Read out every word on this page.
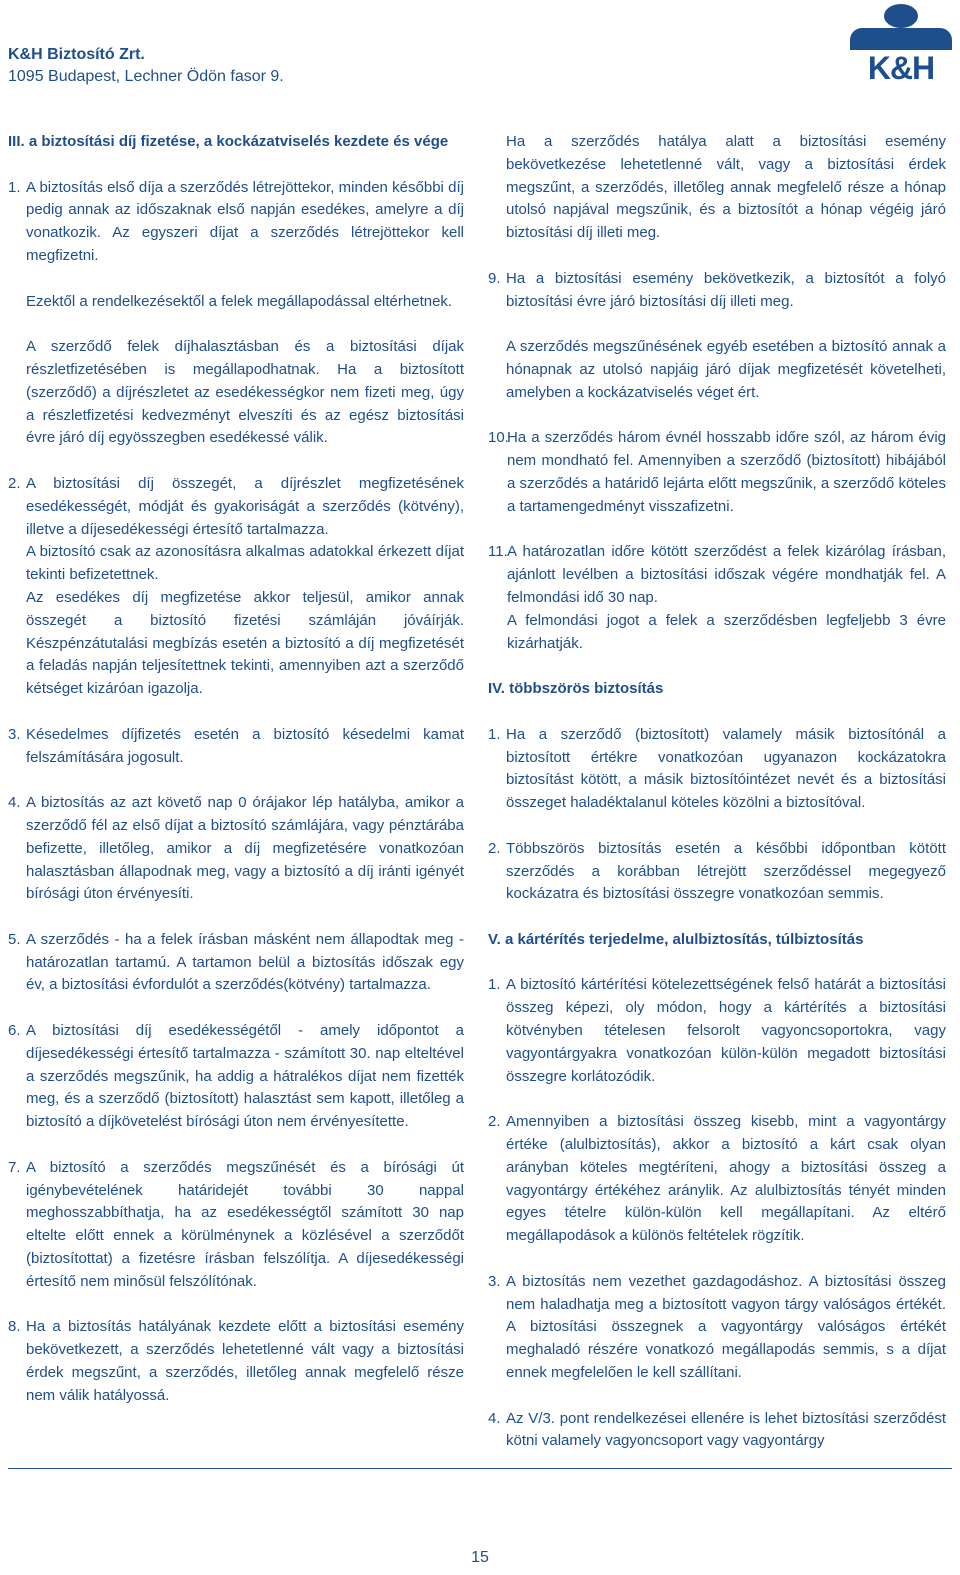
K&H Biztosító Zrt.
1095 Budapest, Lechner Ödön fasor 9.	K&H
III. a biztosítási díj fizetése, a kockázatviselés kezdete és vége
1. A biztosítás első díja a szerződés létrejöttekor, minden későbbi díj pedig annak az időszaknak első napján esedékes, amelyre a díj vonatkozik. Az egyszeri díjat a szerződés létrejöttekor kell megfizetni.

Ezektől a rendelkezésektől a felek megállapodással eltérhetnek.

A szerződő felek díjhalasztásban és a biztosítási díjak részletfizetésében is megállapodhatnak. Ha a biztosított (szerződő) a díjrészletet az esedékességkor nem fizeti meg, úgy a részletfizetési kedvezményt elveszíti és az egész biztosítási évre járó díj egyösszegben esedékessé válik.

2. A biztosítási díj összegét, a díjrészlet megfizetésének esedékességét, módját és gyakoriságát a szerződés (kötvény), illetve a díjesedékességi értesítő tartalmazza.

A biztosító csak az azonosításra alkalmas adatokkal érkezett díjat tekinti befizetettnek.

Az esedékes díj megfizetése akkor teljesül, amikor annak összegét a biztosító fizetési számláján jóváírják. Készpénzátutalási megbízás esetén a biztosító a díj megfizetését a feladás napján teljesítettnek tekinti, amennyiben azt a szerződő kétséget kizáróan igazolja.

3. Késedelmes díjfizetés esetén a biztosító késedelmi kamat felszámítására jogosult.

4. A biztosítás az azt követő nap 0 órájakor lép hatályba, amikor a szerződő fél az első díjat a biztosító számlájára, vagy pénztárába befizette, illetőleg, amikor a díj megfizetésére vonatkozóan halasztásban állapodnak meg, vagy a biztosító a díj iránti igényét bírósági úton érvényesíti.

5. A szerződés - ha a felek írásban másként nem állapodtak meg - határozatlan tartamú. A tartamon belül a biztosítás időszak egy év, a biztosítási évfordulót a szerződés(kötvény) tartalmazza.

6. A biztosítási díj esedékességétől - amely időpontot a díjesedékességi értesítő tartalmazza - számított 30. nap elteltével a szerződés megszűnik, ha addig a hátralékos díjat nem fizették meg, és a szerződő (biztosított) halasztást sem kapott, illetőleg a biztosító a díjkövetelést bírósági úton nem érvényesítette.

7. A biztosító a szerződés megszűnését és a bírósági út igénybevételének határidejét további 30 nappal meghosszabbíthatja, ha az esedékességtől számított 30 nap eltelte előtt ennek a körülménynek a közlésével a szerződőt (biztosítottat) a fizetésre írásban felszólítja. A díjesedékességi értesítő nem minősül felszólítónak.

8. Ha a biztosítás hatályának kezdete előtt a biztosítási esemény bekövetkezett, a szerződés lehetetlenné vált vagy a biztosítási érdek megszűnt, a szerződés, illetőleg annak megfelelő része nem válik hatályossá.

Ha a szerződés hatálya alatt a biztosítási esemény bekövetkezése lehetetlenné vált, vagy a biztosítási érdek megszűnt, a szerződés, illetőleg annak megfelelő része a hónap utolsó napjával megszűnik, és a biztosítót a hónap végéig járó biztosítási díj illeti meg.
9. Ha a biztosítási esemény bekövetkezik, a biztosítót a folyó biztosítási évre járó biztosítási díj illeti meg.

A szerződés megszűnésének egyéb esetében a biztosító annak a hónapnak az utolsó napjáig járó díjak megfizetését követelheti, amelyben a kockázatviselés véget ért.

10.

Ha a szerződés három évnél hosszabb időre szól, az három évig nem mondható fel. Amennyiben a szerződő (biztosított) hibájából a szerződés a határidő lejárta előtt megszűnik, a szerződő köteles a tartamengedményt visszafizetni.

11. A határozatlan időre kötött szerződést a felek kizárólag írásban, ajánlott levélben a biztosítási időszak végére mondhatják fel. A felmondási idő 30 nap.

A felmondási jogot a felek a szerződésben legfeljebb 3 évre kizárhatják.

IV. többszörös biztosítás
1. Ha a szerződő (biztosított) valamely másik biztosítónál a biztosított értékre vonatkozóan ugyanazon kockázatokra biztosítást kötött, a másik biztosítóintézet nevét és a biztosítási összeget haladéktalanul köteles közölni a biztosítóval.

2. Többszörös biztosítás esetén a későbbi időpontban kötött szerződés a korábban létrejött szerződéssel megegyező kockázatra és biztosítási összegre vonatkozóan semmis.

V. a kártérítés terjedelme, alulbiztosítás, túlbiztosítás
1. A biztosító kártérítési kötelezettségének felső határát a biztosítási összeg képezi, oly módon, hogy a kártérítés a biztosítási kötvényben tételesen felsorolt vagyoncsoportokra, vagy vagyontárgyakra vonatkozóan külön-külön megadott biztosítási összegre korlátozódik.

2. Amennyiben a biztosítási összeg kisebb, mint a vagyontárgy értéke (alulbiztosítás), akkor a biztosító a kárt csak olyan arányban köteles megtéríteni, ahogy a biztosítási összeg a vagyontárgy értékéhez aránylik. Az alulbiztosítás tényét minden egyes tételre külön-külön kell megállapítani. Az eltérő megállapodások a különös feltételek rögzítik.

3. A biztosítás nem vezethet gazdagodáshoz. A biztosítási összeg nem haladhatja meg a biztosított vagyon tárgy valóságos értékét. A biztosítási összegnek a vagyontárgy valóságos értékét meghaladó részére vonatkozó megállapodás semmis, s a díjat ennek megfelelően le kell szállítani.

4. Az V/3. pont rendelkezései ellenére is lehet biztosítási szerződést kötni valamely vagyoncsoport vagy vagyontárgy

15
